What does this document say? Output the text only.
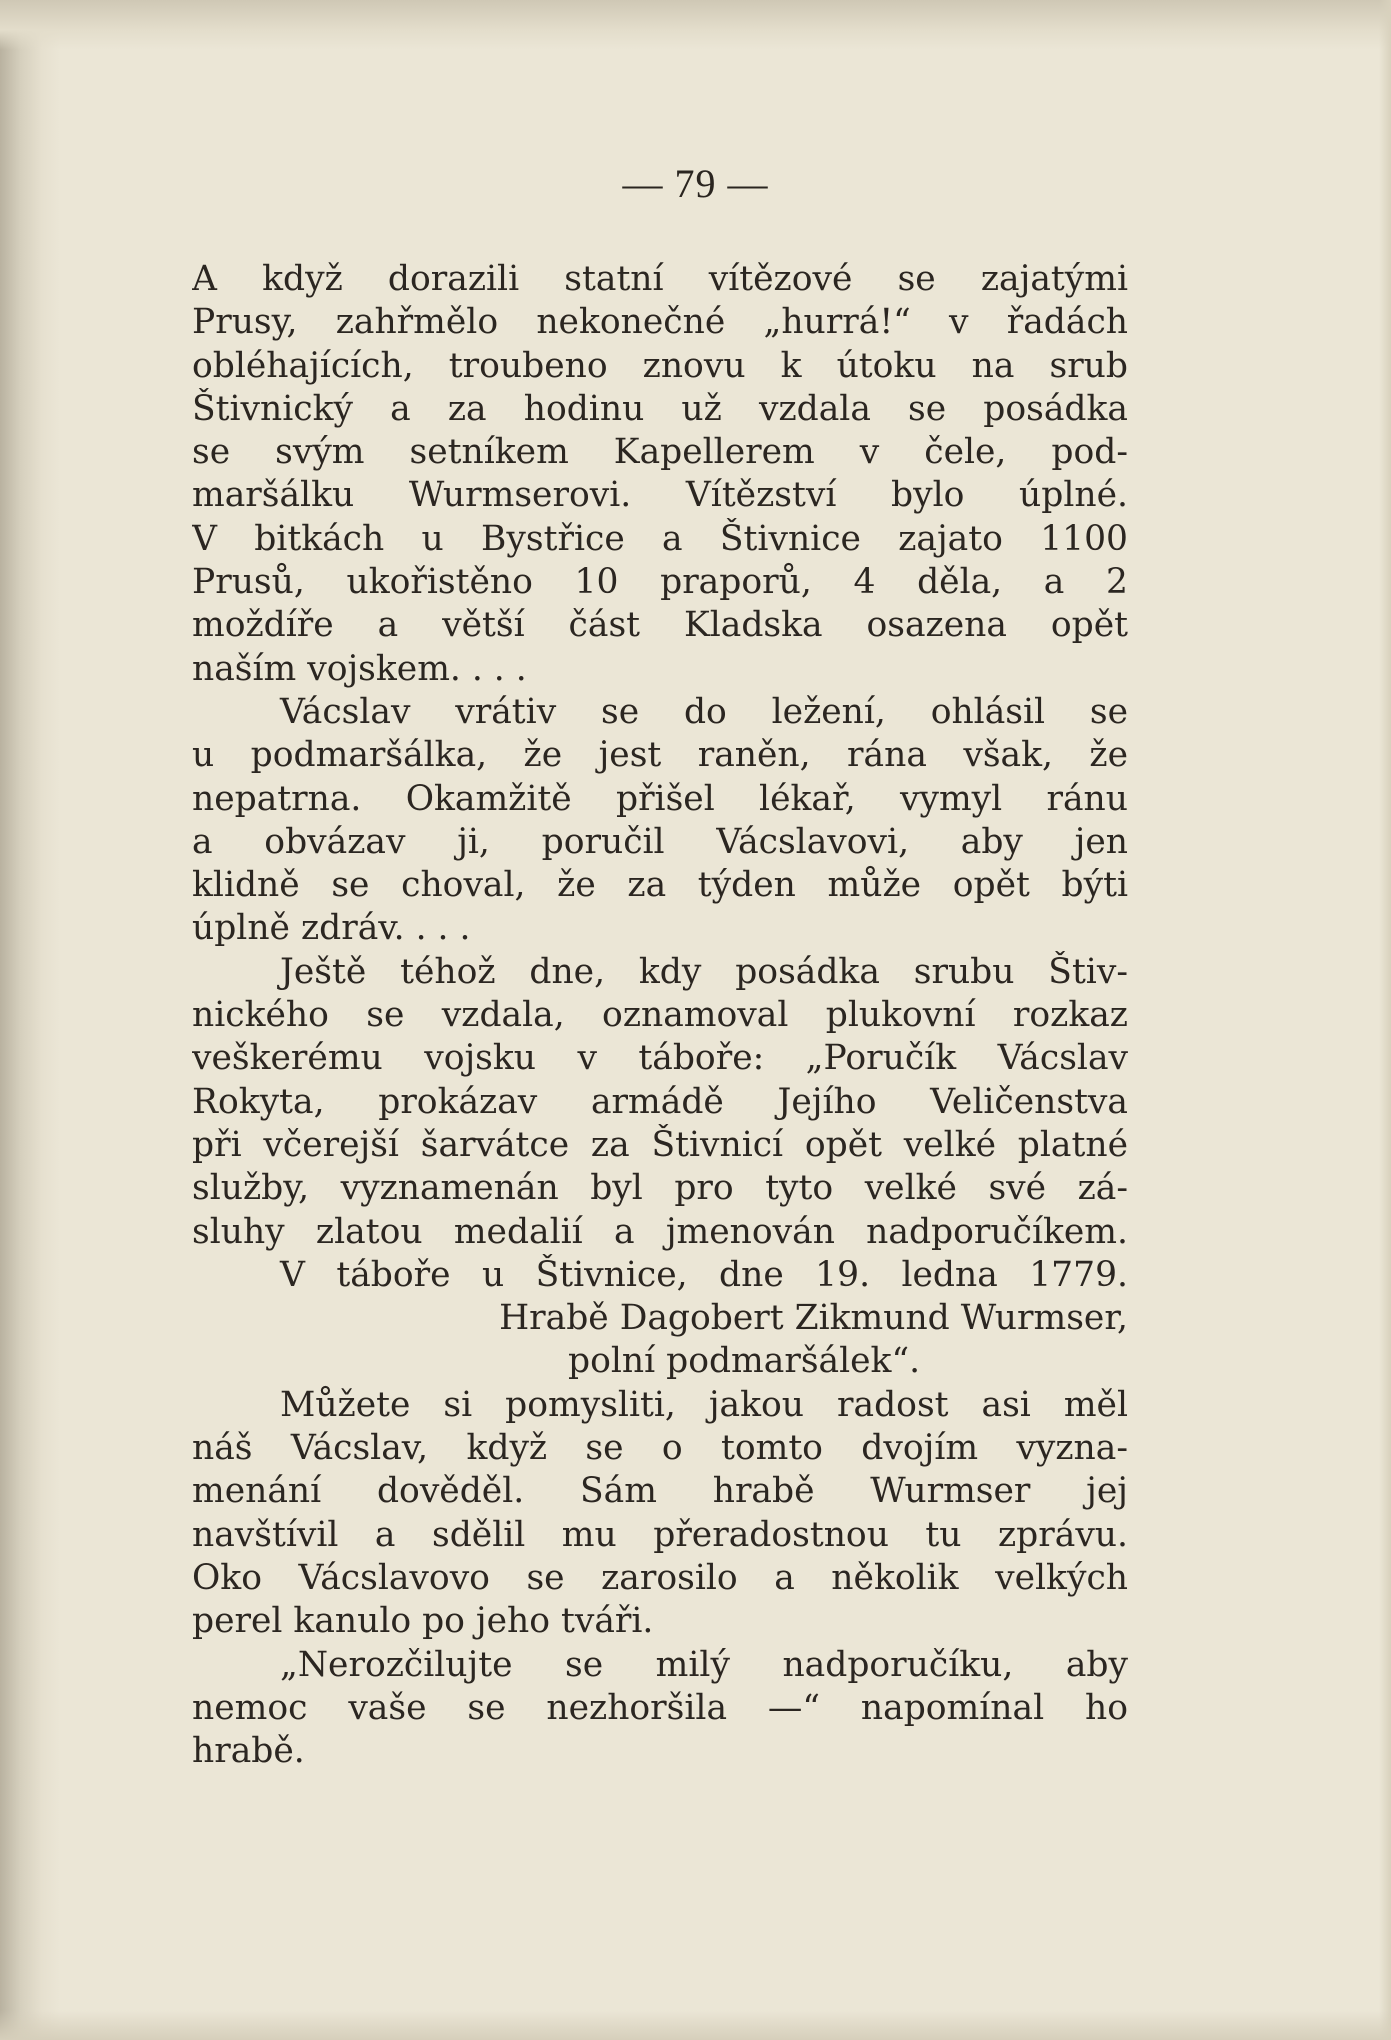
— 79 —
A když dorazili statní vítězové se zajatými
Prusy, zahřmělo nekonečné „hurrá!“ v řadách
obléhajících, troubeno znovu k útoku na srub
Štivnický a za hodinu už vzdala se posádka
se svým setníkem Kapellerem v čele, pod-
maršálku Wurmserovi. Vítězství bylo úplné.
V bitkách u Bystřice a Štivnice zajato 1100
Prusů, ukořistěno 10 praporů, 4 děla, a 2
moždíře a větší část Kladska osazena opět
naším vojskem. . . .
Vácslav vrátiv se do ležení, ohlásil se
u podmaršálka, že jest raněn, rána však, že
nepatrna. Okamžitě přišel lékař, vymyl ránu
a obvázav ji, poručil Vácslavovi, aby jen
klidně se choval, že za týden může opět býti
úplně zdráv. . . .
Ještě téhož dne, kdy posádka srubu Štiv-
nického se vzdala, oznamoval plukovní rozkaz
veškerému vojsku v táboře: „Poručík Vácslav
Rokyta, prokázav armádě Jejího Veličenstva
při včerejší šarvátce za Štivnicí opět velké platné
služby, vyznamenán byl pro tyto velké své zá-
sluhy zlatou medalií a jmenován nadporučíkem.
V táboře u Štivnice, dne 19. ledna 1779.
Hrabě Dagobert Zikmund Wurmser,
polní podmaršálek“.
Můžete si pomysliti, jakou radost asi měl
náš Vácslav, když se o tomto dvojím vyzna-
menání dověděl. Sám hrabě Wurmser jej
navštívil a sdělil mu přeradostnou tu zprávu.
Oko Vácslavovo se zarosilo a několik velkých
perel kanulo po jeho tváři.
„Nerozčilujte se milý nadporučíku, aby
nemoc vaše se nezhoršila —“ napomínal ho
hrabě.
